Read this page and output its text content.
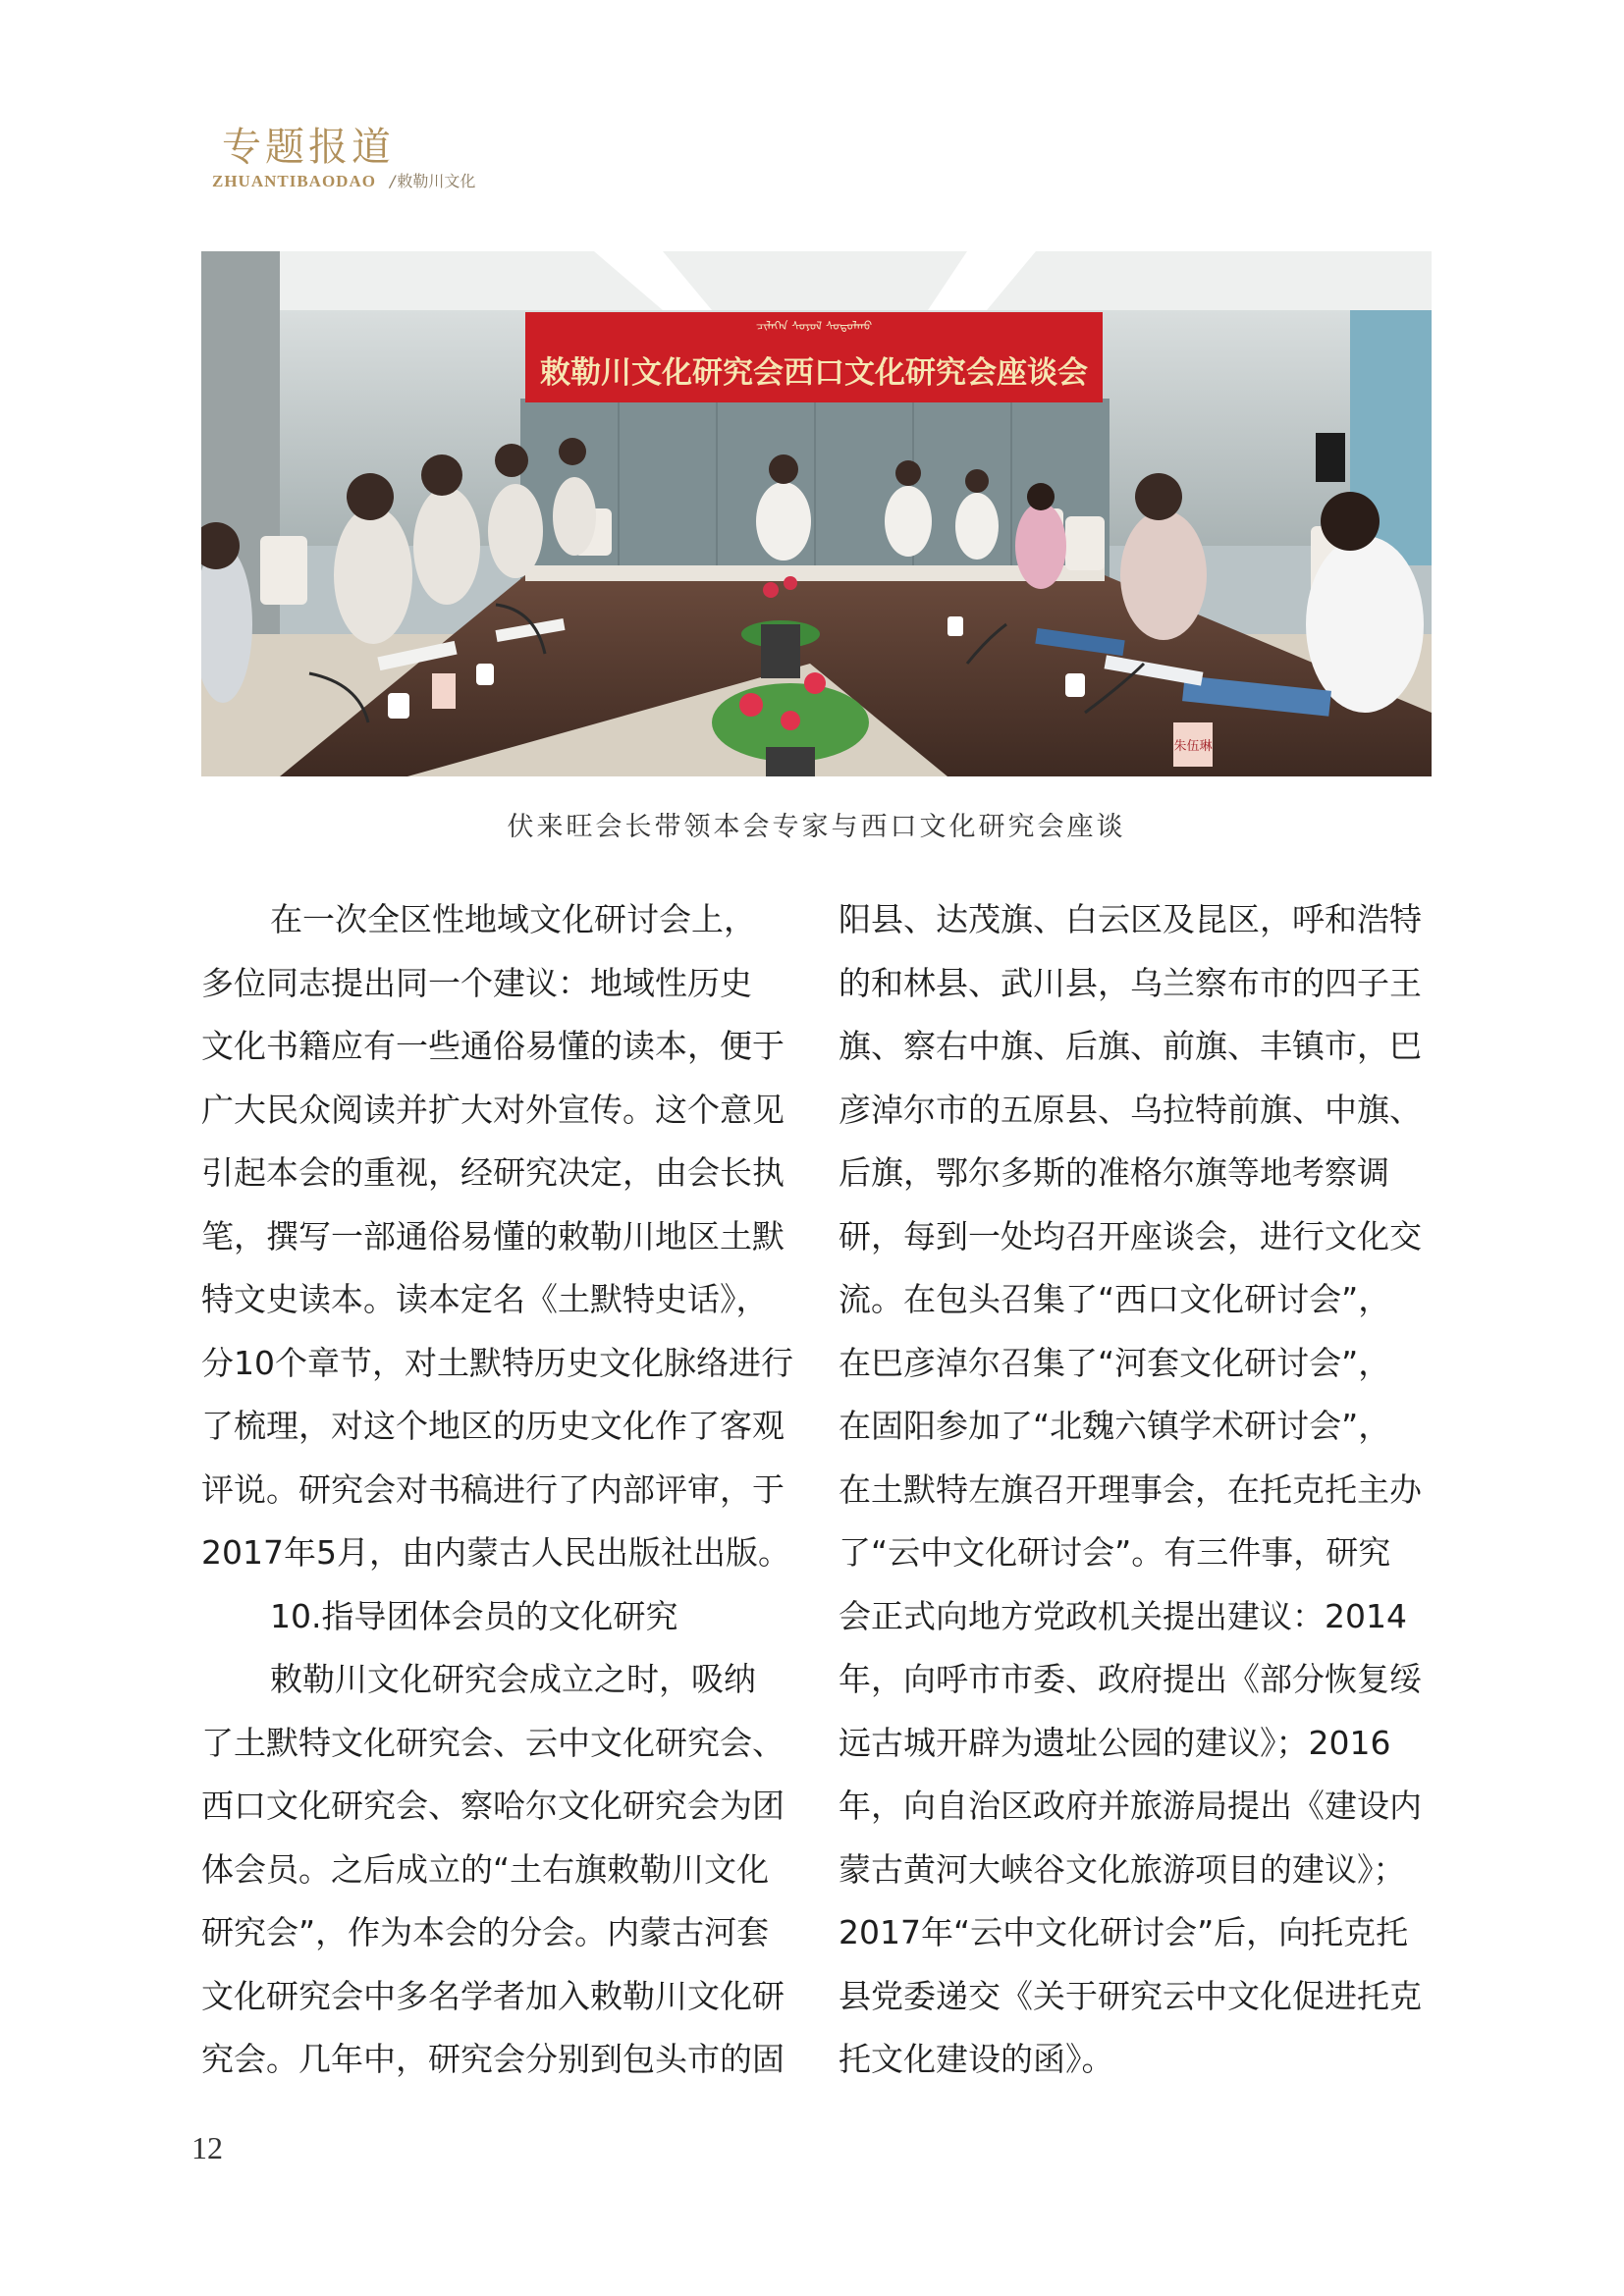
专题报道
ZHUANTIBAODAO / 敕勒川文化
ᠴᠢᠯᠡᠭᠡᠨ ᠰᠤᠶᠤᠯ ᠰᠤᠳᠤᠯᠬᠤ
敕勒川文化研究会西口文化研究会座谈会
朱伍琳
伏来旺会长带领本会专家与西口文化研究会座谈
在一次全区性地域文化研讨会上，
多位同志提出同一个建议：地域性历史
文化书籍应有一些通俗易懂的读本，便于
广大民众阅读并扩大对外宣传。这个意见
引起本会的重视，经研究决定，由会长执
笔，撰写一部通俗易懂的敕勒川地区土默
特文史读本。读本定名《土默特史话》，
分10个章节，对土默特历史文化脉络进行
了梳理，对这个地区的历史文化作了客观
评说。研究会对书稿进行了内部评审，于
2017年5月，由内蒙古人民出版社出版。
10.指导团体会员的文化研究
敕勒川文化研究会成立之时，吸纳
了土默特文化研究会、云中文化研究会、
西口文化研究会、察哈尔文化研究会为团
体会员。之后成立的“土右旗敕勒川文化
研究会”，作为本会的分会。内蒙古河套
文化研究会中多名学者加入敕勒川文化研
究会。几年中，研究会分别到包头市的固
阳县、达茂旗、白云区及昆区，呼和浩特
的和林县、武川县，乌兰察布市的四子王
旗、察右中旗、后旗、前旗、丰镇市，巴
彦淖尔市的五原县、乌拉特前旗、中旗、
后旗，鄂尔多斯的准格尔旗等地考察调
研，每到一处均召开座谈会，进行文化交
流。在包头召集了“西口文化研讨会”，
在巴彦淖尔召集了“河套文化研讨会”，
在固阳参加了“北魏六镇学术研讨会”，
在土默特左旗召开理事会，在托克托主办
了“云中文化研讨会”。有三件事，研究
会正式向地方党政机关提出建议：2014
年，向呼市市委、政府提出《部分恢复绥
远古城开辟为遗址公园的建议》；2016
年，向自治区政府并旅游局提出《建设内
蒙古黄河大峡谷文化旅游项目的建议》；
2017年“云中文化研讨会”后，向托克托
县党委递交《关于研究云中文化促进托克
托文化建设的函》。
12
